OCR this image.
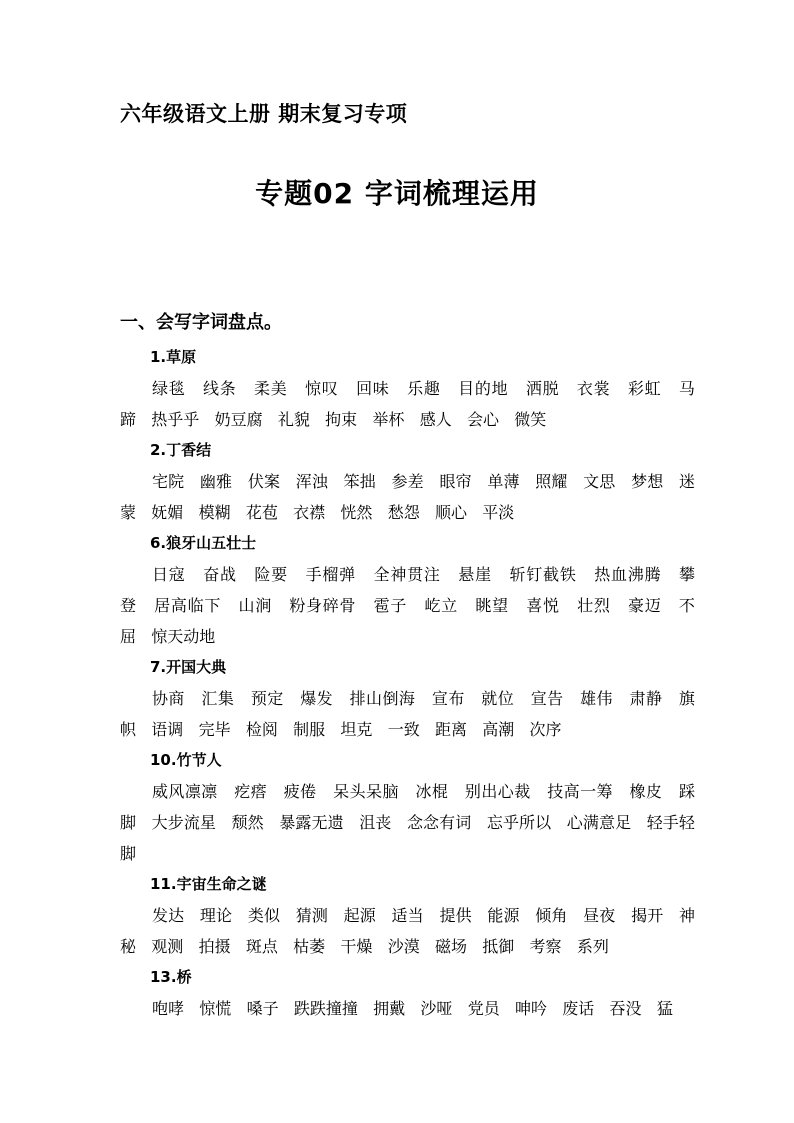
六年级语文上册 期末复习专项
专题02 字词梳理运用
一、会写字词盘点。
1.草原

绿毯 线条 柔美 惊叹 回味 乐趣 目的地 洒脱 衣裳 彩虹 马蹄 热乎乎 奶豆腐 礼貌 拘束 举杯 感人 会心 微笑

2.丁香结

宅院 幽雅 伏案 浑浊 笨拙 参差 眼帘 单薄 照耀 文思 梦想 迷蒙 妩媚 模糊 花苞 衣襟 恍然 愁怨 顺心 平淡

6.狼牙山五壮士

日寇 奋战 险要 手榴弹 全神贯注 悬崖 斩钉截铁 热血沸腾 攀登 居高临下 山涧 粉身碎骨 雹子 屹立 眺望 喜悦 壮烈 豪迈 不屈 惊天动地

7.开国大典

协商 汇集 预定 爆发 排山倒海 宣布 就位 宣告 雄伟 肃静 旗帜 语调 完毕 检阅 制服 坦克 一致 距离 高潮 次序

10.竹节人

威风凛凛 疙瘩 疲倦 呆头呆脑 冰棍 别出心裁 技高一筹 橡皮 踩脚 大步流星 颓然 暴露无遗 沮丧 念念有词 忘乎所以 心满意足 轻手轻脚

11.宇宙生命之谜

发达 理论 类似 猜测 起源 适当 提供 能源 倾角 昼夜 揭开 神秘 观测 拍摄 斑点 枯萎 干燥 沙漠 磁场 抵御 考察 系列

13.桥

咆哮 惊慌 嗓子 跌跌撞撞 拥戴 沙哑 党员 呻吟 废话 吞没 猛
